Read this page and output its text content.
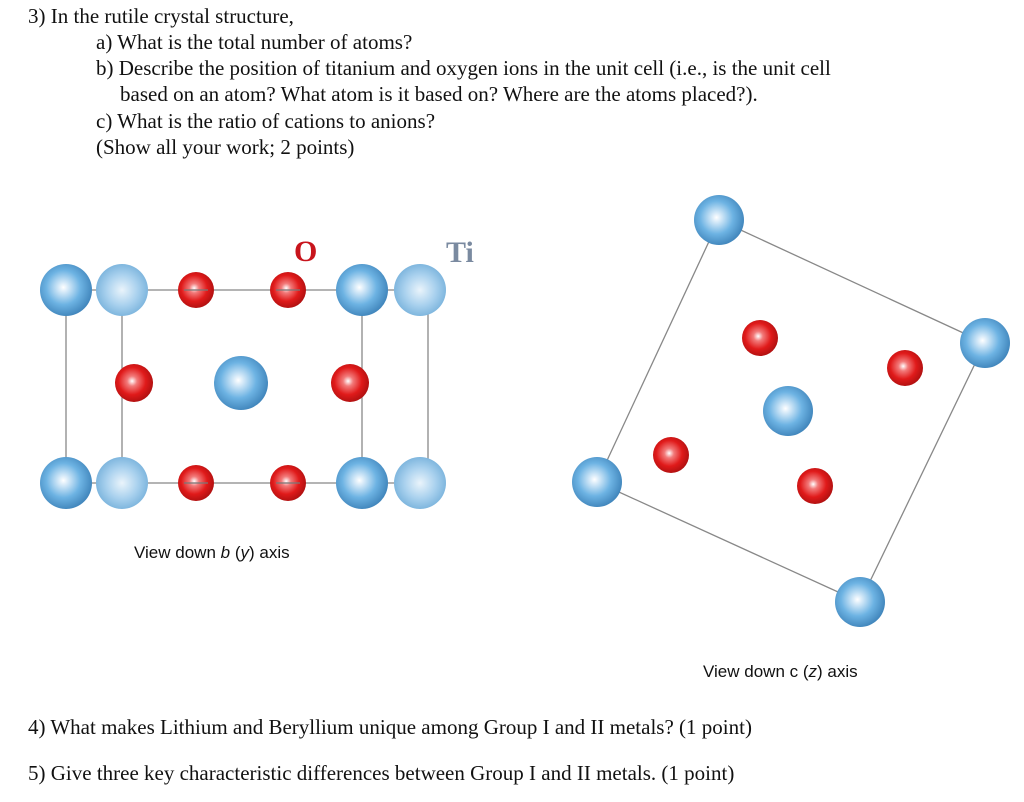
3) In the rutile crystal structure,
a) What is the total number of atoms?
b) Describe the position of titanium and oxygen ions in the unit cell (i.e., is the unit cell
based on an atom? What atom is it based on? Where are the atoms placed?).
c) What is the ratio of cations to anions?
(Show all your work; 2 points)
O	Ti
View down b (y) axis
View down c (z) axis
4) What makes Lithium and Beryllium unique among Group I and II metals? (1 point)
5) Give three key characteristic differences between Group I and II metals. (1 point)
